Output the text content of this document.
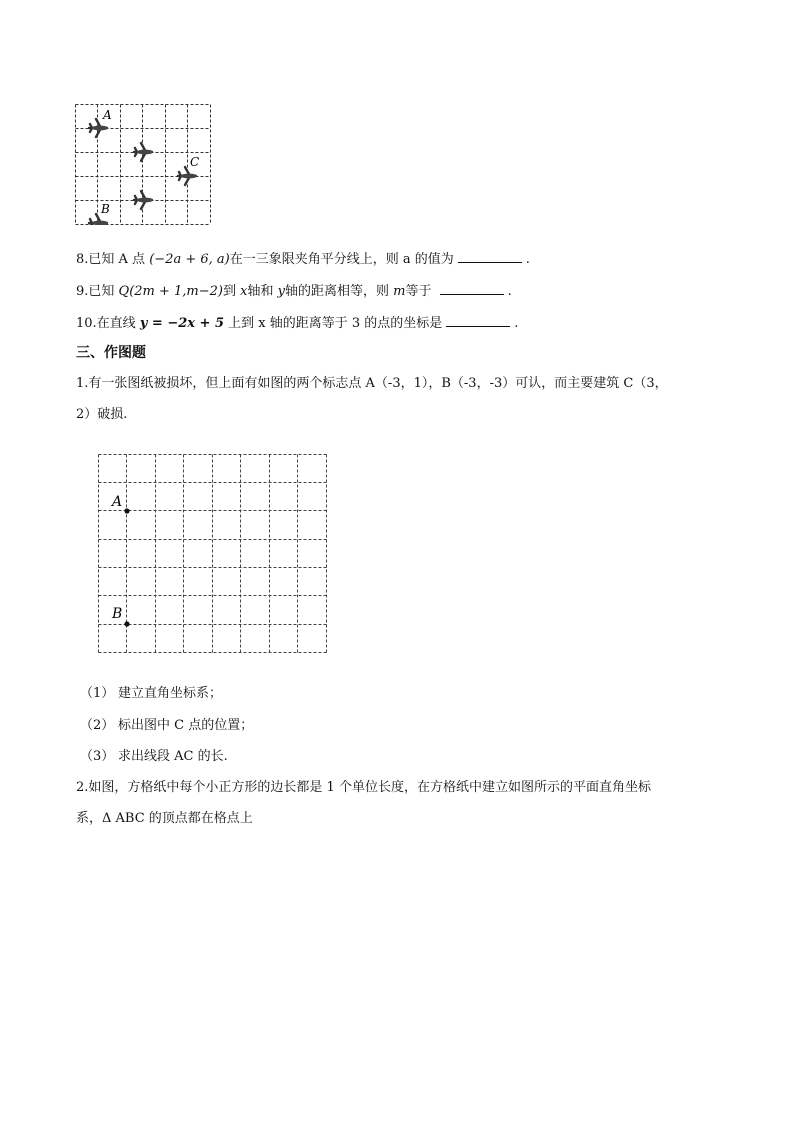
A
C
B
8.已知 A 点 (−2a + 6, a)在一三象限夹角平分线上，则 a 的值为	.
9.已知 Q(2m + 1,m−2)到 x轴和 y轴的距离相等，则 m等于	.
10.在直线 y = −2x + 5 上到 x 轴的距离等于 3 的点的坐标是	.
三、作图题
1.有一张图纸被损坏，但上面有如图的两个标志点 A（-3，1），B（-3，-3）可认，而主要建筑 C（3，
2）破损.
A
B
（1） 建立直角坐标系；
（2） 标出图中 C 点的位置；
（3） 求出线段 AC 的长.
2.如图，方格纸中每个小正方形的边长都是 1 个单位长度，在方格纸中建立如图所示的平面直角坐标
系，Δ ABC 的顶点都在格点上
